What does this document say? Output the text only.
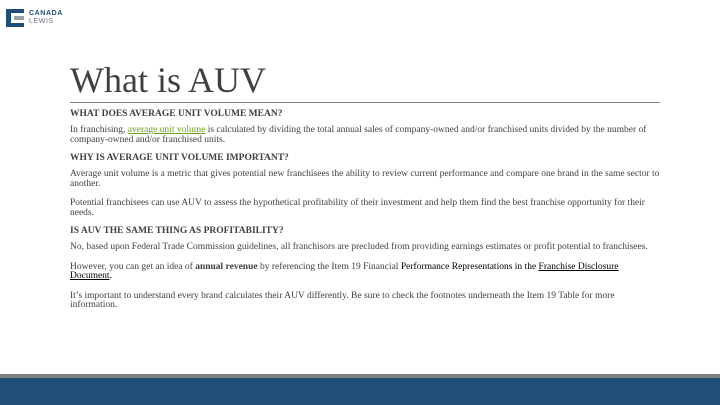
CANADA
LEWIS
What is AUV
WHAT DOES AVERAGE UNIT VOLUME MEAN?
In franchising, average unit volume is calculated by dividing the total annual sales of company-owned and/or franchised units divided by the number of company-owned and/or franchised units.
WHY IS AVERAGE UNIT VOLUME IMPORTANT?
Average unit volume is a metric that gives potential new franchisees the ability to review current performance and compare one brand in the same sector to another.
Potential franchisees can use AUV to assess the hypothetical profitability of their investment and help them find the best franchise opportunity for their needs.
IS AUV THE SAME THING AS PROFITABILITY?
No, based upon Federal Trade Commission guidelines, all franchisors are precluded from providing earnings estimates or profit potential to franchisees.
However, you can get an idea of annual revenue by referencing the Item 19 Financial Performance Representations in the Franchise Disclosure Document.
It’s important to understand every brand calculates their AUV differently. Be sure to check the footnotes underneath the Item 19 Table for more information.
